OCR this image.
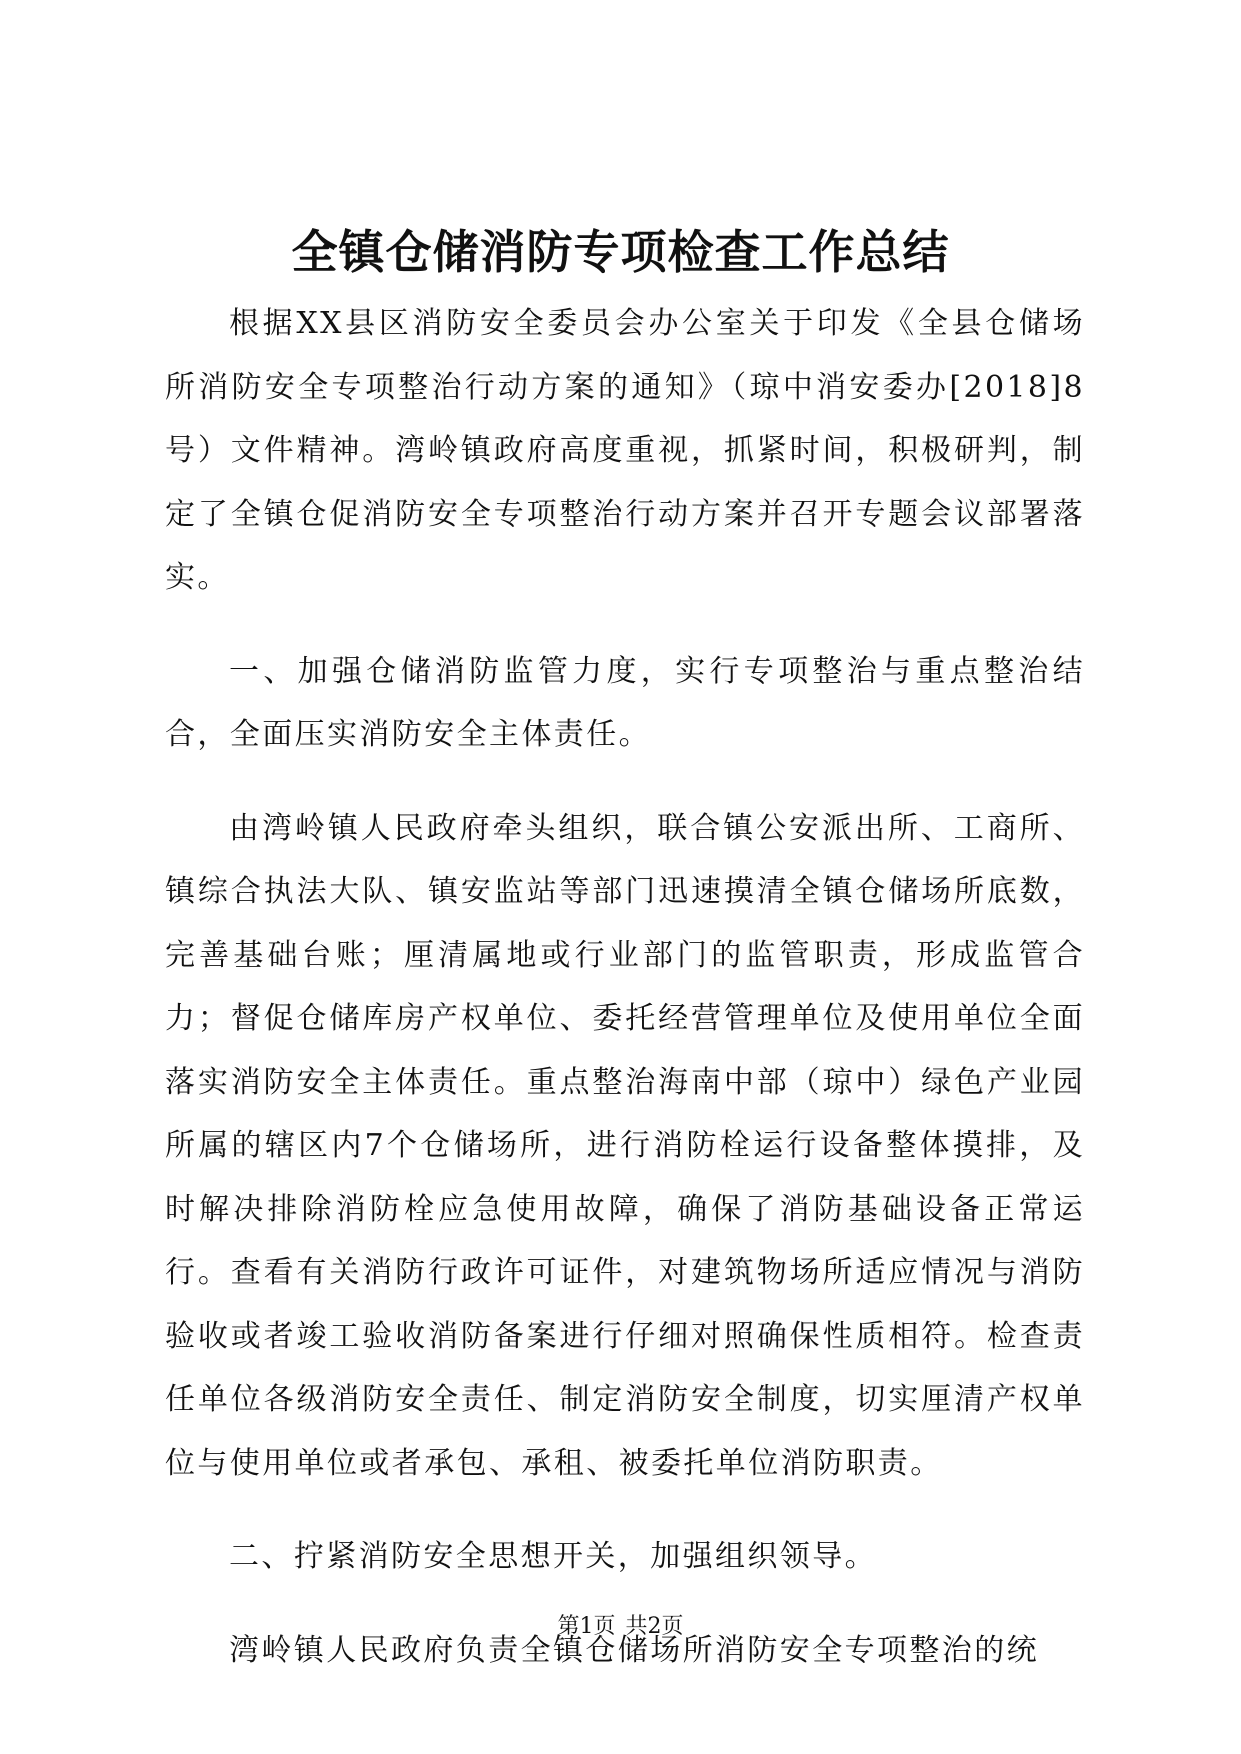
全镇仓储消防专项检查工作总结

根据XX县区消防安全委员会办公室关于印发《全县仓储场所消防安全专项整治行动方案的通知》（琼中消安委办[2018]8号）文件精神。湾岭镇政府高度重视，抓紧时间，积极研判，制定了全镇仓促消防安全专项整治行动方案并召开专题会议部署落实。

一、加强仓储消防监管力度，实行专项整治与重点整治结合，全面压实消防安全主体责任。

由湾岭镇人民政府牵头组织，联合镇公安派出所、工商所、镇综合执法大队、镇安监站等部门迅速摸清全镇仓储场所底数，完善基础台账；厘清属地或行业部门的监管职责，形成监管合力；督促仓储库房产权单位、委托经营管理单位及使用单位全面落实消防安全主体责任。重点整治海南中部（琼中）绿色产业园所属的辖区内7个仓储场所，进行消防栓运行设备整体摸排，及时解决排除消防栓应急使用故障，确保了消防基础设备正常运行。查看有关消防行政许可证件，对建筑物场所适应情况与消防验收或者竣工验收消防备案进行仔细对照确保性质相符。检查责任单位各级消防安全责任、制定消防安全制度，切实厘清产权单位与使用单位或者承包、承租、被委托单位消防职责。

二、拧紧消防安全思想开关，加强组织领导。

湾岭镇人民政府负责全镇仓储场所消防安全专项整治的统

第1页 共2页
